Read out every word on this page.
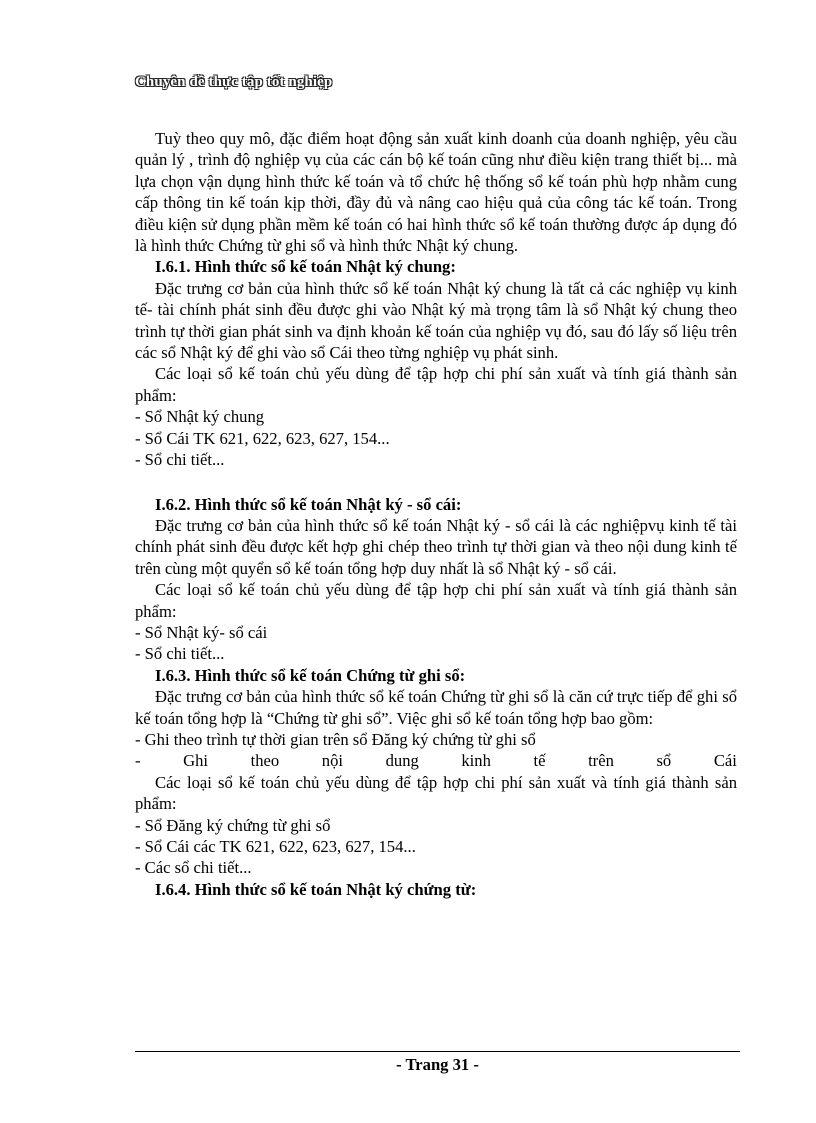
Chuyên đề thực tập tốt nghiệp

Tuỳ theo quy mô, đặc điểm hoạt động sản xuất kinh doanh của doanh nghiệp, yêu cầu quản lý , trình độ nghiệp vụ của các cán bộ kế toán cũng như điều kiện trang thiết bị... mà lựa chọn vận dụng hình thức kế toán và tổ chức hệ thống sổ kế toán phù hợp nhằm cung cấp thông tin kế toán kịp thời, đầy đủ và nâng cao hiệu quả của công tác kế toán. Trong điều kiện sử dụng phần mềm kế toán có hai hình thức sổ kế toán thường được áp dụng đó là hình thức Chứng từ ghi sổ và hình thức Nhật ký chung.

I.6.1. Hình thức sổ kế toán Nhật ký chung:

Đặc trưng cơ bản của hình thức sổ kế toán Nhật ký chung là tất cả các nghiệp vụ kinh tế- tài chính phát sinh đều được ghi vào Nhật ký mà trọng tâm là sổ Nhật ký chung theo trình tự thời gian phát sinh va định khoản kế toán của nghiệp vụ đó, sau đó lấy số liệu trên các sổ Nhật ký để ghi vào sổ Cái theo từng nghiệp vụ phát sinh.

Các loại sổ kế toán chủ yếu dùng để tập hợp chi phí sản xuất và tính giá thành sản phẩm:

- Sổ Nhật ký chung

- Sổ Cái TK 621, 622, 623, 627, 154...

- Sổ chi tiết...

I.6.2. Hình thức sổ kế toán Nhật ký - sổ cái:

Đặc trưng cơ bản của hình thức sổ kế toán Nhật ký - sổ cái là các nghiệpvụ kinh tế tài chính phát sinh đều được kết hợp ghi chép theo trình tự thời gian và theo nội dung kinh tế trên cùng một quyển sổ kế toán tổng hợp duy nhất là sổ Nhật ký - sổ cái.

Các loại sổ kế toán chủ yếu dùng để tập hợp chi phí sản xuất và tính giá thành sản phẩm:

- Sổ Nhật ký- sổ cái

- Sổ chi tiết...

I.6.3. Hình thức sổ kế toán Chứng từ ghi sổ:

Đặc trưng cơ bản của hình thức sổ kế toán Chứng từ ghi sổ là căn cứ trực tiếp để ghi sổ kế toán tổng hợp là “Chứng từ ghi sổ”. Việc ghi sổ kế toán tổng hợp bao gồm:

- Ghi theo trình tự thời gian trên sổ Đăng ký chứng từ ghi sổ

-	Ghi	theo	nội	dung	kinh	tế	trên	sổ	Cái

Các loại sổ kế toán chủ yếu dùng để tập hợp chi phí sản xuất và tính giá thành sản phẩm:

- Sổ Đăng ký chứng từ ghi sổ

- Sổ Cái các TK 621, 622, 623, 627, 154...

- Các sổ chi tiết...

I.6.4. Hình thức sổ kế toán Nhật ký chứng từ:

- Trang 31 -
